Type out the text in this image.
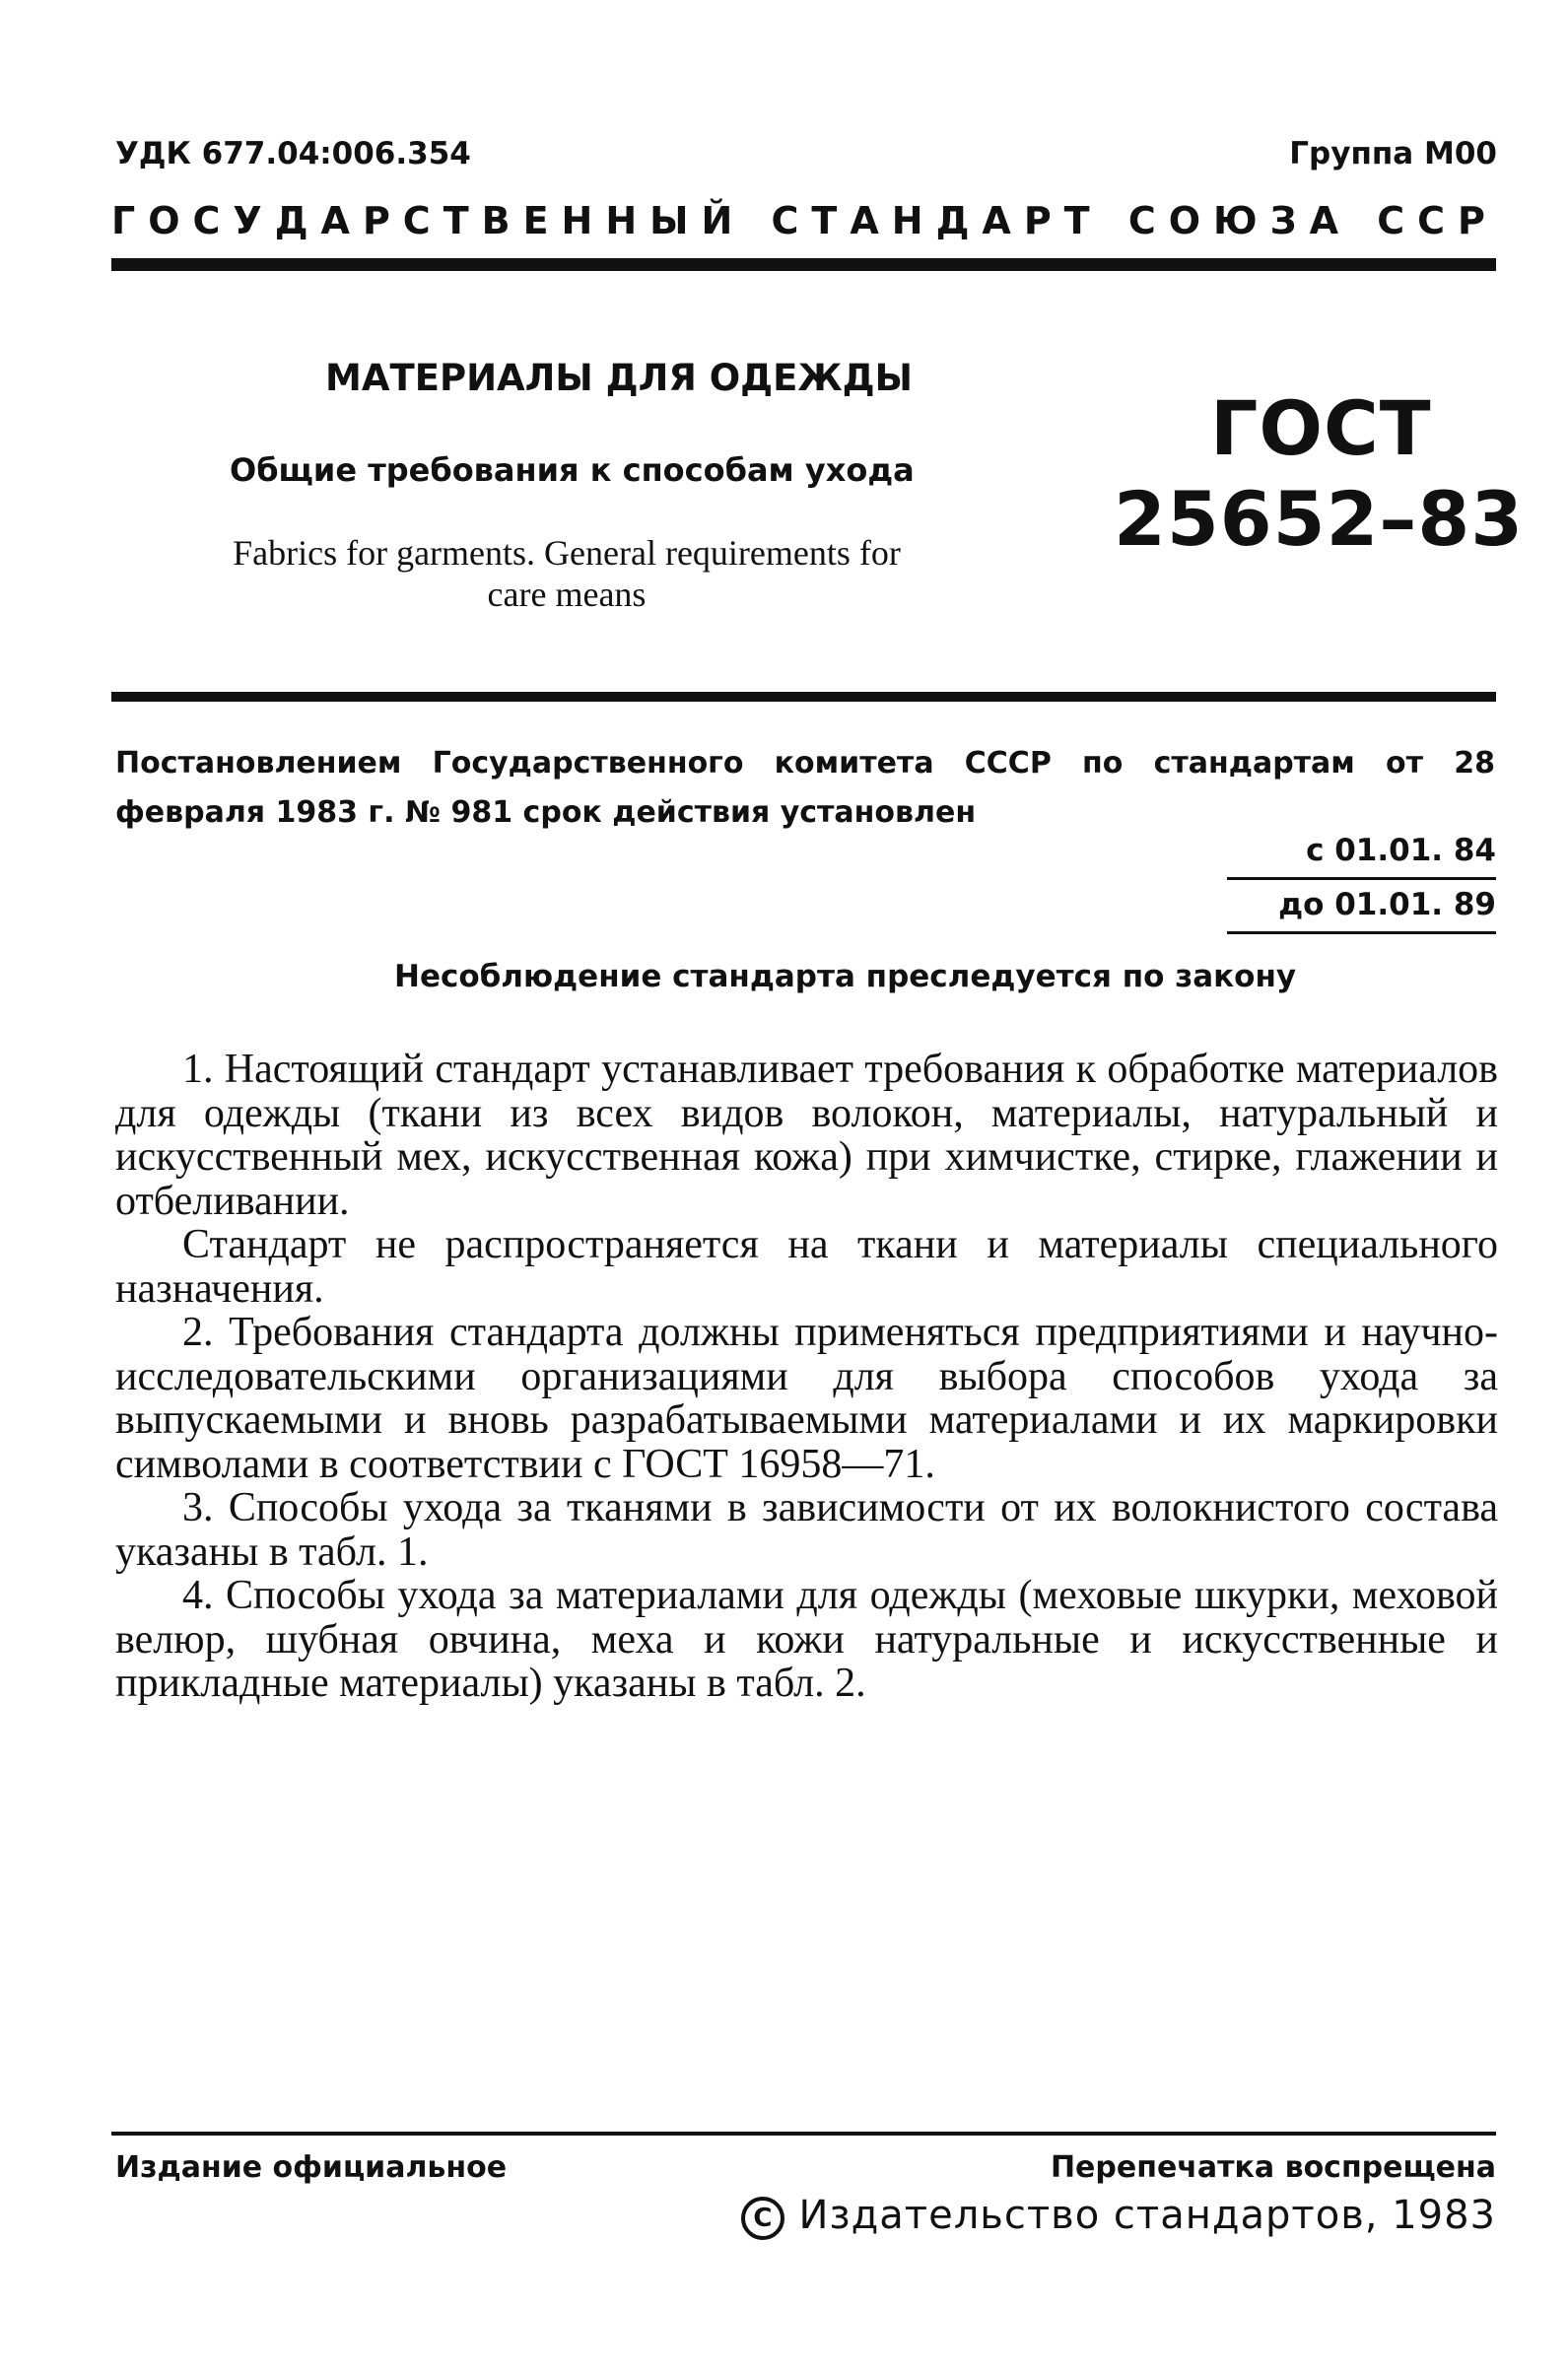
УДК 677.04:006.354	Группа М00
ГОСУДАРСТВЕННЫЙ СТАНДАРТ СОЮЗА ССР
МАТЕРИАЛЫ ДЛЯ ОДЕЖДЫ
Общие требования к способам ухода
Fabrics for garments. General requirements for care means
ГОСТ
25652–83
Постановлением Государственного комитета СССР по стандартам от 28 февраля 1983 г. № 981 срок действия установлен
с 01.01. 84
до 01.01. 89
Несоблюдение стандарта преследуется по закону

1. Настоящий стандарт устанавливает требования к обработке материалов для одежды (ткани из всех видов волокон, материалы, натуральный и искусственный мех, искусственная кожа) при химчистке, стирке, глажении и отбеливании.

Стандарт не распространяется на ткани и материалы специального назначения.

2. Требования стандарта должны применяться предприятиями и научно-исследовательскими организациями для выбора способов ухода за выпускаемыми и вновь разрабатываемыми материалами и их маркировки символами в соответствии с ГОСТ 16958—71.

3. Способы ухода за тканями в зависимости от их волокнистого состава указаны в табл. 1.

4. Способы ухода за материалами для одежды (меховые шкурки, меховой велюр, шубная овчина, меха и кожи натуральные и искусственные и прикладные материалы) указаны в табл. 2.

Издание официальное	Перепечатка воспрещена
C Издательство стандартов, 1983
